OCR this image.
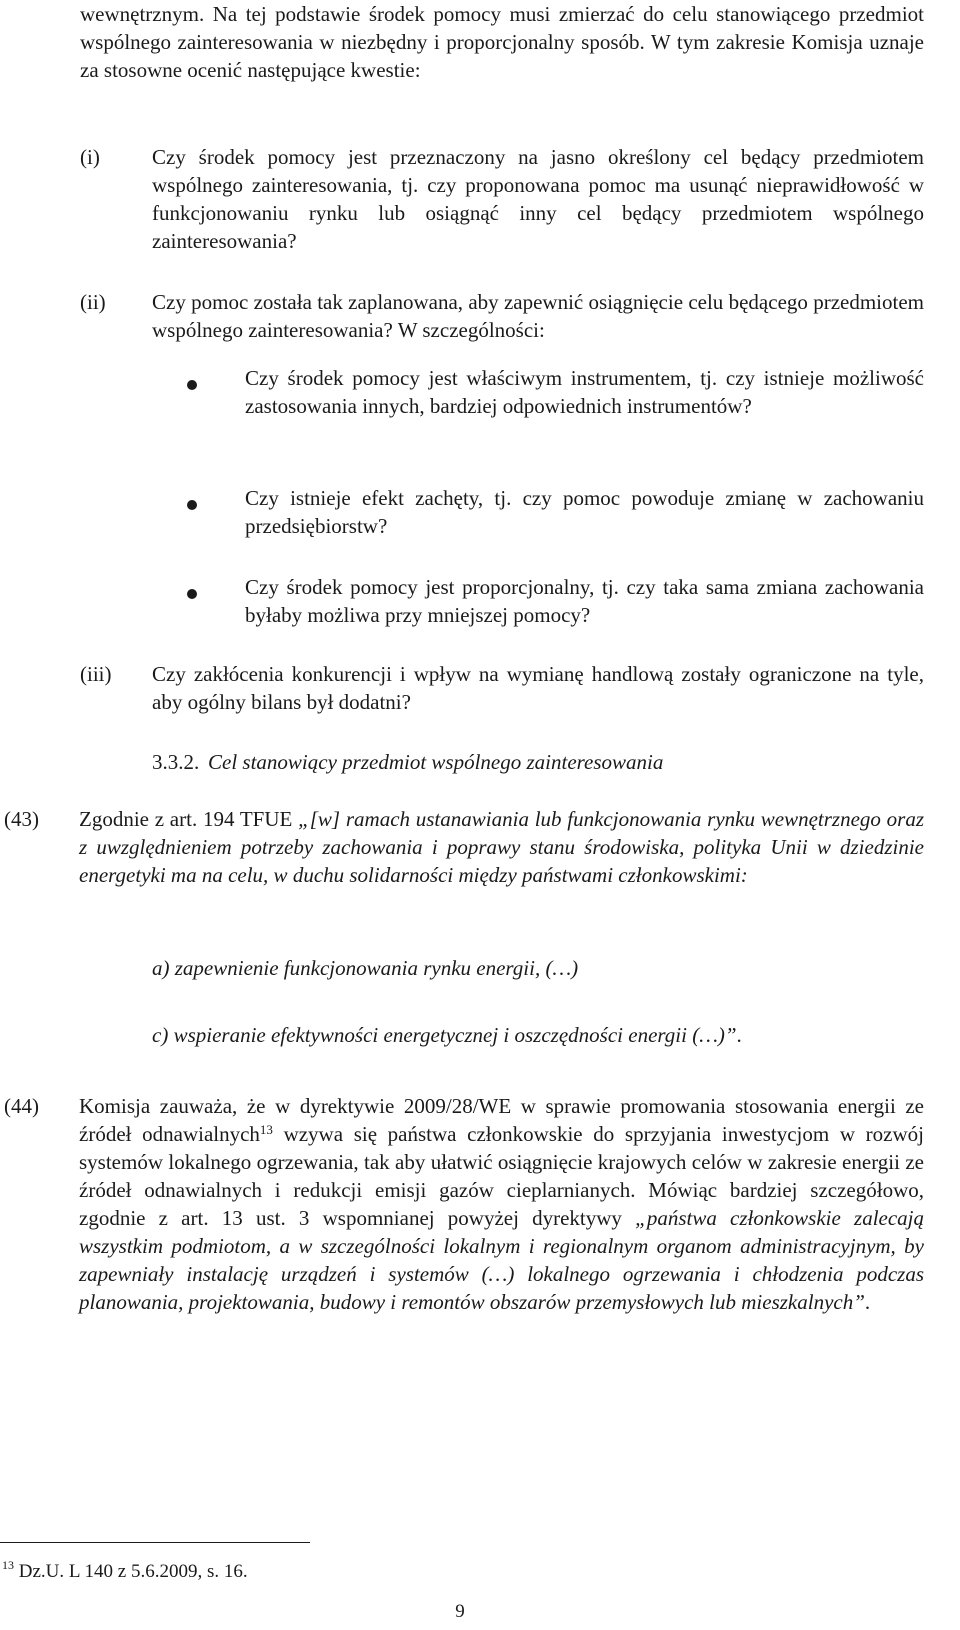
wewnętrznym. Na tej podstawie środek pomocy musi zmierzać do celu stanowiącego przedmiot wspólnego zainteresowania w niezbędny i proporcjonalny sposób. W tym zakresie Komisja uznaje za stosowne ocenić następujące kwestie:
(i) Czy środek pomocy jest przeznaczony na jasno określony cel będący przedmiotem wspólnego zainteresowania, tj. czy proponowana pomoc ma usunąć nieprawidłowość w funkcjonowaniu rynku lub osiągnąć inny cel będący przedmiotem wspólnego zainteresowania?
(ii) Czy pomoc została tak zaplanowana, aby zapewnić osiągnięcie celu będącego przedmiotem wspólnego zainteresowania? W szczególności:
Czy środek pomocy jest właściwym instrumentem, tj. czy istnieje możliwość zastosowania innych, bardziej odpowiednich instrumentów?
Czy istnieje efekt zachęty, tj. czy pomoc powoduje zmianę w zachowaniu przedsiębiorstw?
Czy środek pomocy jest proporcjonalny, tj. czy taka sama zmiana zachowania byłaby możliwa przy mniejszej pomocy?
(iii) Czy zakłócenia konkurencji i wpływ na wymianę handlową zostały ograniczone na tyle, aby ogólny bilans był dodatni?
3.3.2. Cel stanowiący przedmiot wspólnego zainteresowania
(43) Zgodnie z art. 194 TFUE „[w] ramach ustanawiania lub funkcjonowania rynku wewnętrznego oraz z uwzględnieniem potrzeby zachowania i poprawy stanu środowiska, polityka Unii w dziedzinie energetyki ma na celu, w duchu solidarności między państwami członkowskimi:
a) zapewnienie funkcjonowania rynku energii, (…)
c) wspieranie efektywności energetycznej i oszczędności energii (…)”.
(44) Komisja zauważa, że w dyrektywie 2009/28/WE w sprawie promowania stosowania energii ze źródeł odnawialnych$^{13}$ wzywa się państwa członkowskie do sprzyjania inwestycjom w rozwój systemów lokalnego ogrzewania, tak aby ułatwić osiągnięcie krajowych celów w zakresie energii ze źródeł odnawialnych i redukcji emisji gazów cieplarnianych. Mówiąc bardziej szczegółowo, zgodnie z art. 13 ust. 3 wspomnianej powyżej dyrektywy „państwa członkowskie zalecają wszystkim podmiotom, a w szczególności lokalnym i regionalnym organom administracyjnym, by zapewniały instalację urządzeń i systemów (…) lokalnego ogrzewania i chłodzenia podczas planowania, projektowania, budowy i remontów obszarów przemysłowych lub mieszkalnych”.
$^{13}$ Dz.U. L 140 z 5.6.2009, s. 16.
9
